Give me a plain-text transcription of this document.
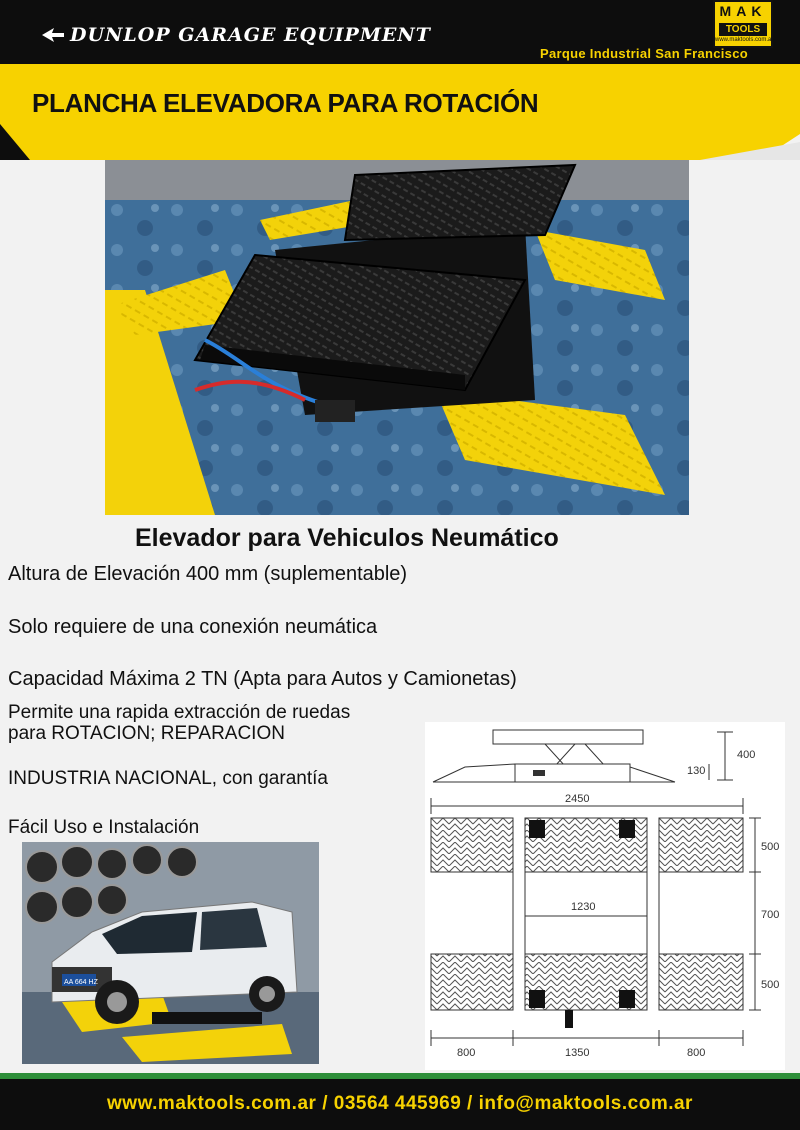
DUNLOP GARAGE EQUIPMENT
MAK
TOOLS
www.maktools.com.ar
Parque Industrial San Francisco
PLANCHA ELEVADORA PARA ROTACIÓN
Elevador para Vehiculos Neumático
Altura de Elevación 400 mm (suplementable)
Solo requiere de una conexión neumática
Capacidad Máxima 2 TN (Apta para Autos y Camionetas)
Permite una rapida extracción de ruedas
para ROTACION; REPARACION
INDUSTRIA NACIONAL, con garantía
Fácil Uso e Instalación
AA 664 HZ
400
130
2450
1230
500
700
500
800	1350	800
www.maktools.com.ar / 03564 445969 / info@maktools.com.ar
